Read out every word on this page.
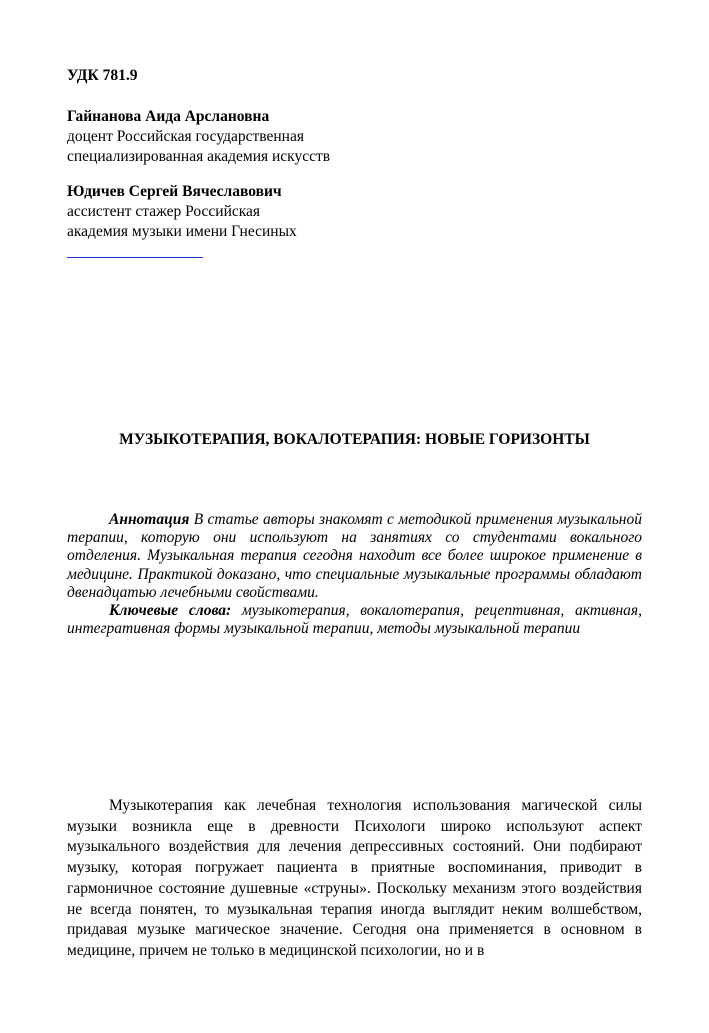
УДК 781.9
Гайнанова Аида Арслановна
доцент Российская государственная
специализированная академия искусств
Юдичев Сергей Вячеславович
ассистент стажер Российская
академия музыки имени Гнесиных
МУЗЫКОТЕРАПИЯ, ВОКАЛОТЕРАПИЯ: НОВЫЕ ГОРИЗОНТЫ

Аннотация В статье авторы знакомят с методикой применения музыкальной терапии, которую они используют на занятиях со студентами вокального отделения. Музыкальная терапия сегодня находит все более широкое применение в медицине. Практикой доказано, что специальные музыкальные программы обладают двенадцатью лечебными свойствами.

Ключевые слова: музыкотерапия, вокалотерапия, рецептивная, активная, интегративная формы музыкальной терапии, методы музыкальной терапии

Музыкотерапия как лечебная технология использования магической силы музыки возникла еще в древности Психологи широко используют аспект музыкального воздействия для лечения депрессивных состояний. Они подбирают музыку, которая погружает пациента в приятные воспоминания, приводит в гармоничное состояние душевные «струны». Поскольку механизм этого воздействия не всегда понятен, то музыкальная терапия иногда выглядит неким волшебством, придавая музыке магическое значение. Сегодня она применяется в основном в медицине, причем не только в медицинской психологии, но и в
